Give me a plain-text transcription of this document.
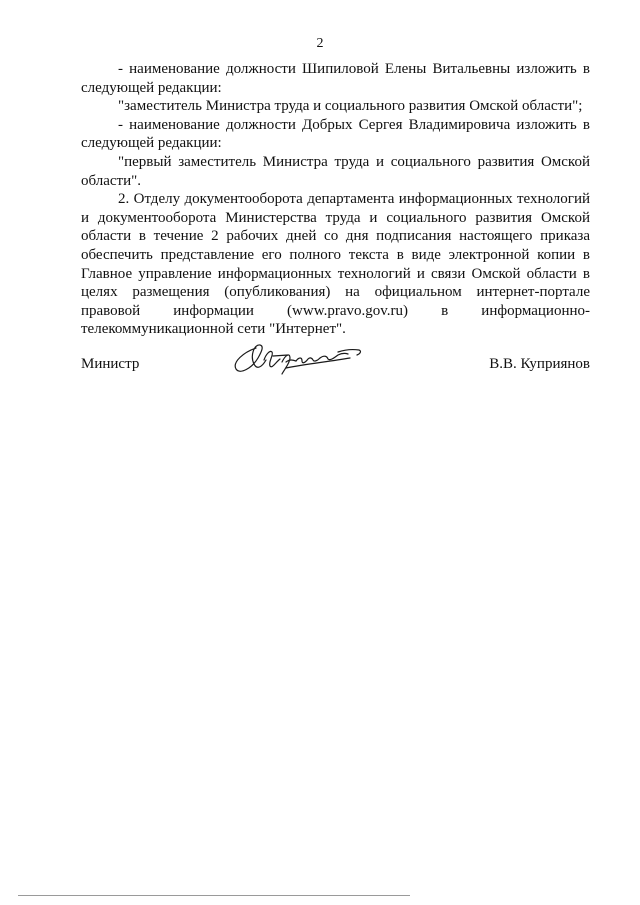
2

- наименование должности Шипиловой Елены Витальевны изложить в следующей редакции:

"заместитель Министра труда и социального развития Омской области";

- наименование должности Добрых Сергея Владимировича изложить в следующей редакции:

"первый заместитель Министра труда и социального развития Омской области".

2. Отделу документооборота департамента информационных технологий и документооборота Министерства труда и социального развития Омской области в течение 2 рабочих дней со дня подписания настоящего приказа обеспечить представление его полного текста в виде электронной копии в Главное управление информационных технологий и связи Омской области в целях размещения (опубликования) на официальном интернет-портале правовой информации (www.pravo.gov.ru) в информационно-телекоммуникационной сети "Интернет".

Министр	В.В. Куприянов
